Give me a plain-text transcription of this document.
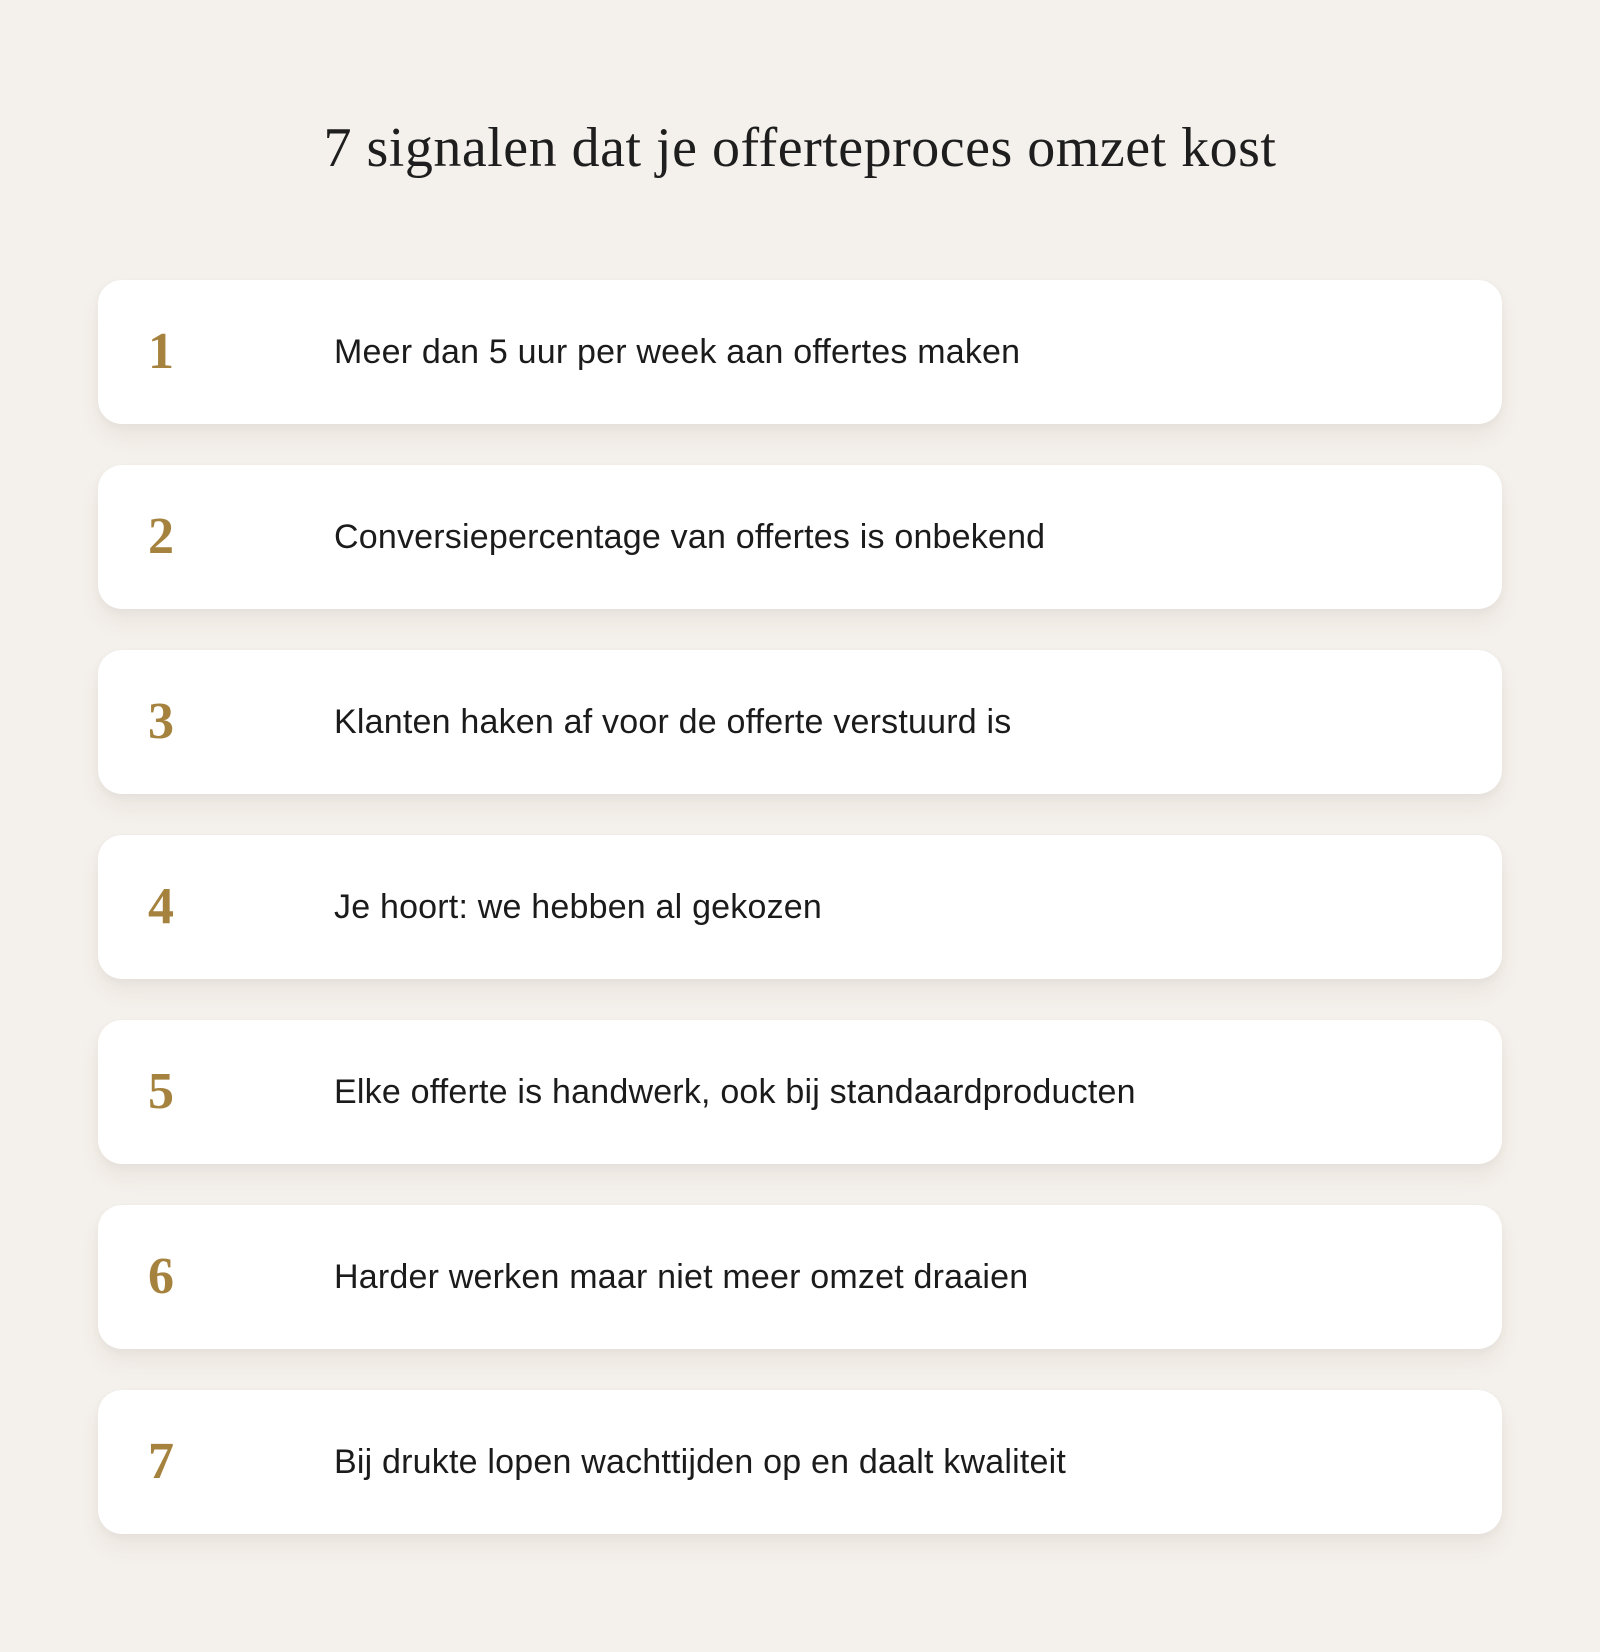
7 signalen dat je offerteproces omzet kost
1	Meer dan 5 uur per week aan offertes maken
2	Conversiepercentage van offertes is onbekend
3	Klanten haken af voor de offerte verstuurd is
4	Je hoort: we hebben al gekozen
5	Elke offerte is handwerk, ook bij standaardproducten
6	Harder werken maar niet meer omzet draaien
7	Bij drukte lopen wachttijden op en daalt kwaliteit
